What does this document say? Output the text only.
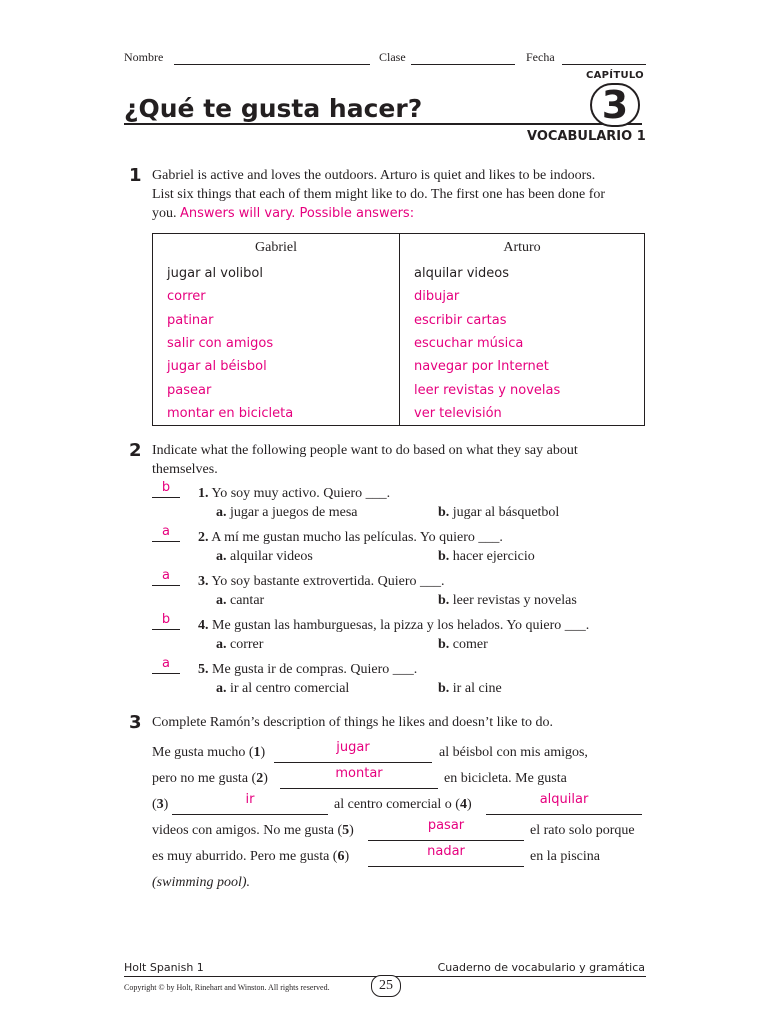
Nombre	Clase	Fecha
CAPÍTULO
¿Qué te gusta hacer?	3
VOCABULARIO 1
1 Gabriel is active and loves the outdoors. Arturo is quiet and likes to be indoors.
List six things that each of them might like to do. The first one has been done for
you. Answers will vary. Possible answers:
Gabriel	Arturo
jugar al volibol	alquilar videos
correr	dibujar
patinar	escribir cartas
salir con amigos	escuchar música
jugar al béisbol	navegar por Internet
pasear	leer revistas y novelas
montar en bicicleta	ver televisión
2 Indicate what the following people want to do based on what they say about
themselves.
b 1. Yo soy muy activo. Quiero ___.
a. jugar a juegos de mesa	b. jugar al básquetbol
a 2. A mí me gustan mucho las películas. Yo quiero ___.
a. alquilar videos	b. hacer ejercicio
a 3. Yo soy bastante extrovertida. Quiero ___.
a. cantar	b. leer revistas y novelas
b 4. Me gustan las hamburguesas, la pizza y los helados. Yo quiero ___.
a. correr	b. comer
a 5. Me gusta ir de compras. Quiero ___.
a. ir al centro comercial	b. ir al cine
3 Complete Ramón’s description of things he likes and doesn’t like to do.
Me gusta mucho (1)	jugar	al béisbol con mis amigos,
pero no me gusta (2)	montar	en bicicleta. Me gusta
(3)	ir	al centro comercial o (4)	alquilar
videos con amigos. No me gusta (5)	pasar	el rato solo porque
es muy aburrido. Pero me gusta (6)	nadar	en la piscina
(swimming pool).
Holt Spanish 1	Cuaderno de vocabulario y gramática
Copyright © by Holt, Rinehart and Winston. All rights reserved.	25
